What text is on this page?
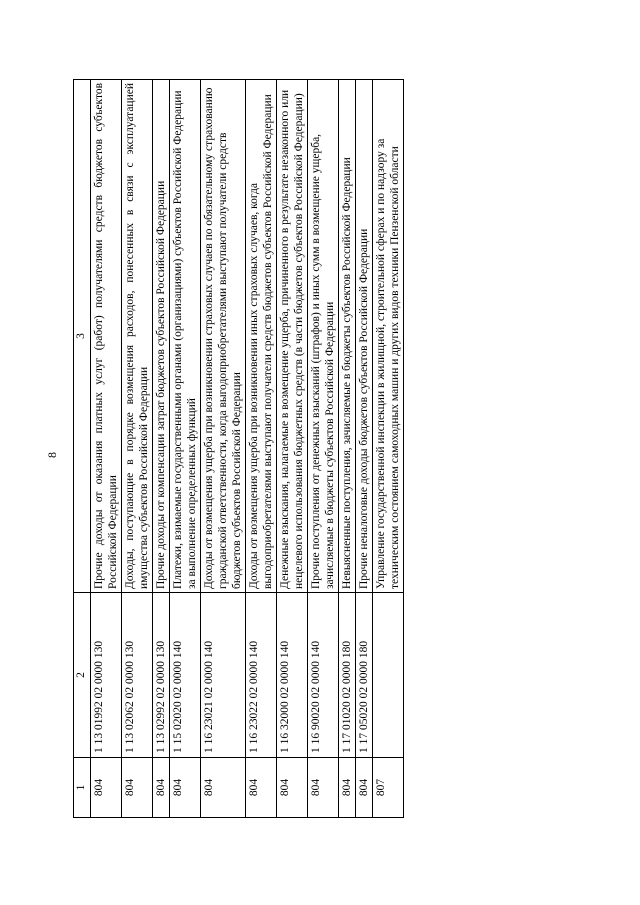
8
1	2	3
804	1 13 01992 02 0000 130	Прочие доходы от оказания платных услуг (работ) получателями средств бюджетов субъектов Российской Федерации
804	1 13 02062 02 0000 130	Доходы, поступающие в порядке возмещения расходов, понесенных в связи с эксплуатацией имущества субъектов Российской Федерации
804	1 13 02992 02 0000 130	Прочие доходы от компенсации затрат бюджетов субъектов Российской Федерации
804	1 15 02020 02 0000 140	Платежи, взимаемые государственными органами (организациями) субъектов Российской Федерации за выполнение определенных функций
804	1 16 23021 02 0000 140	Доходы от возмещения ущерба при возникновении страховых случаев по обязательному страхованию гражданской ответственности, когда выгодоприобретателями выступают получатели средств бюджетов субъектов Российской Федерации
804	1 16 23022 02 0000 140	Доходы от возмещения ущерба при возникновении иных страховых случаев, когда выгодоприобретателями выступают получатели средств бюджетов субъектов Российской Федерации
804	1 16 32000 02 0000 140	Денежные взыскания, налагаемые в возмещение ущерба, причиненного в результате незаконного или нецелевого использования бюджетных средств (в части бюджетов субъектов Российской Федерации)
804	1 16 90020 02 0000 140	Прочие поступления от денежных взысканий (штрафов) и иных сумм в возмещение ущерба, зачисляемые в бюджеты субъектов Российской Федерации
804	1 17 01020 02 0000 180	Невыясненные поступления, зачисляемые в бюджеты субъектов Российской Федерации
804	1 17 05020 02 0000 180	Прочие неналоговые доходы бюджетов субъектов Российской Федерации
807		Управление государственной инспекции в жилищной, строительной сферах и по надзору за техническим состоянием самоходных машин и других видов техники Пензенской области
